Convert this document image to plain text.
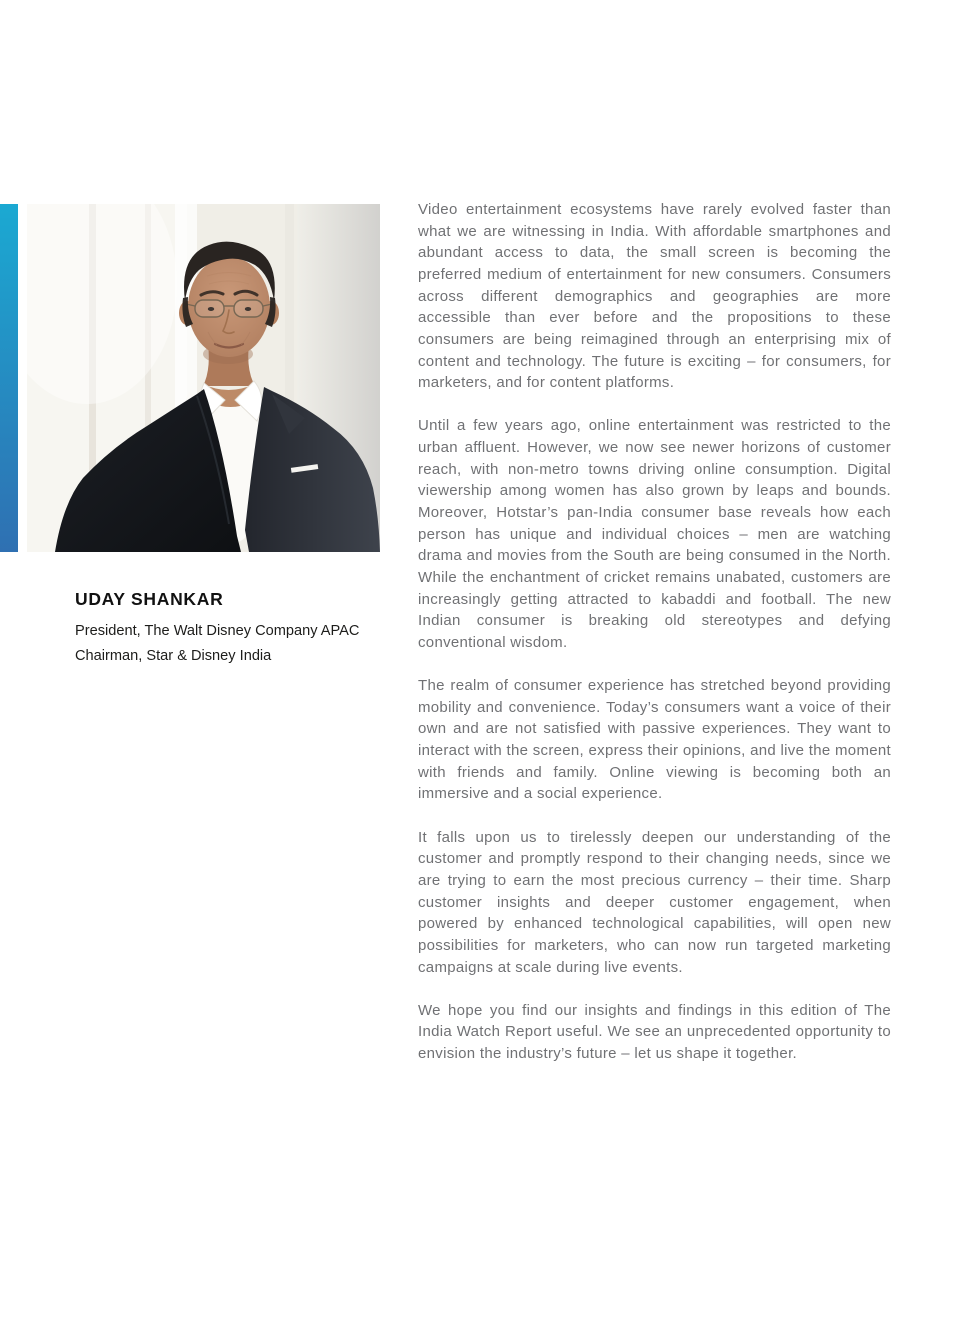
UDAY SHANKAR

President, The Walt Disney Company APAC

Chairman, Star & Disney India

Video entertainment ecosystems have rarely evolved faster than what we are witnessing in India. With affordable smartphones and abundant access to data, the small screen is becoming the preferred medium of entertainment for new consumers. Consumers across different demographics and geographies are more accessible than ever before and the propositions to these consumers are being reimagined through an enterprising mix of content and technology. The future is exciting – for consumers, for marketers, and for content platforms.

Until a few years ago, online entertainment was restricted to the urban affluent. However, we now see newer horizons of customer reach, with non-metro towns driving online consumption. Digital viewership among women has also grown by leaps and bounds. Moreover, Hotstar’s pan-India consumer base reveals how each person has unique and individual choices – men are watching drama and movies from the South are being consumed in the North. While the enchantment of cricket remains unabated, customers are increasingly getting attracted to kabaddi and football. The new Indian consumer is breaking old stereotypes and defying conventional wisdom.

The realm of consumer experience has stretched beyond providing mobility and convenience. Today’s consumers want a voice of their own and are not satisfied with passive experiences. They want to interact with the screen, express their opinions, and live the moment with friends and family. Online viewing is becoming both an immersive and a social experience.

It falls upon us to tirelessly deepen our understanding of the customer and promptly respond to their changing needs, since we are trying to earn the most precious currency – their time. Sharp customer insights and deeper customer engagement, when powered by enhanced technological capabilities, will open new possibilities for marketers, who can now run targeted marketing campaigns at scale during live events.

We hope you find our insights and findings in this edition of The India Watch Report useful. We see an unprecedented opportunity to envision the industry’s future – let us shape it together.
